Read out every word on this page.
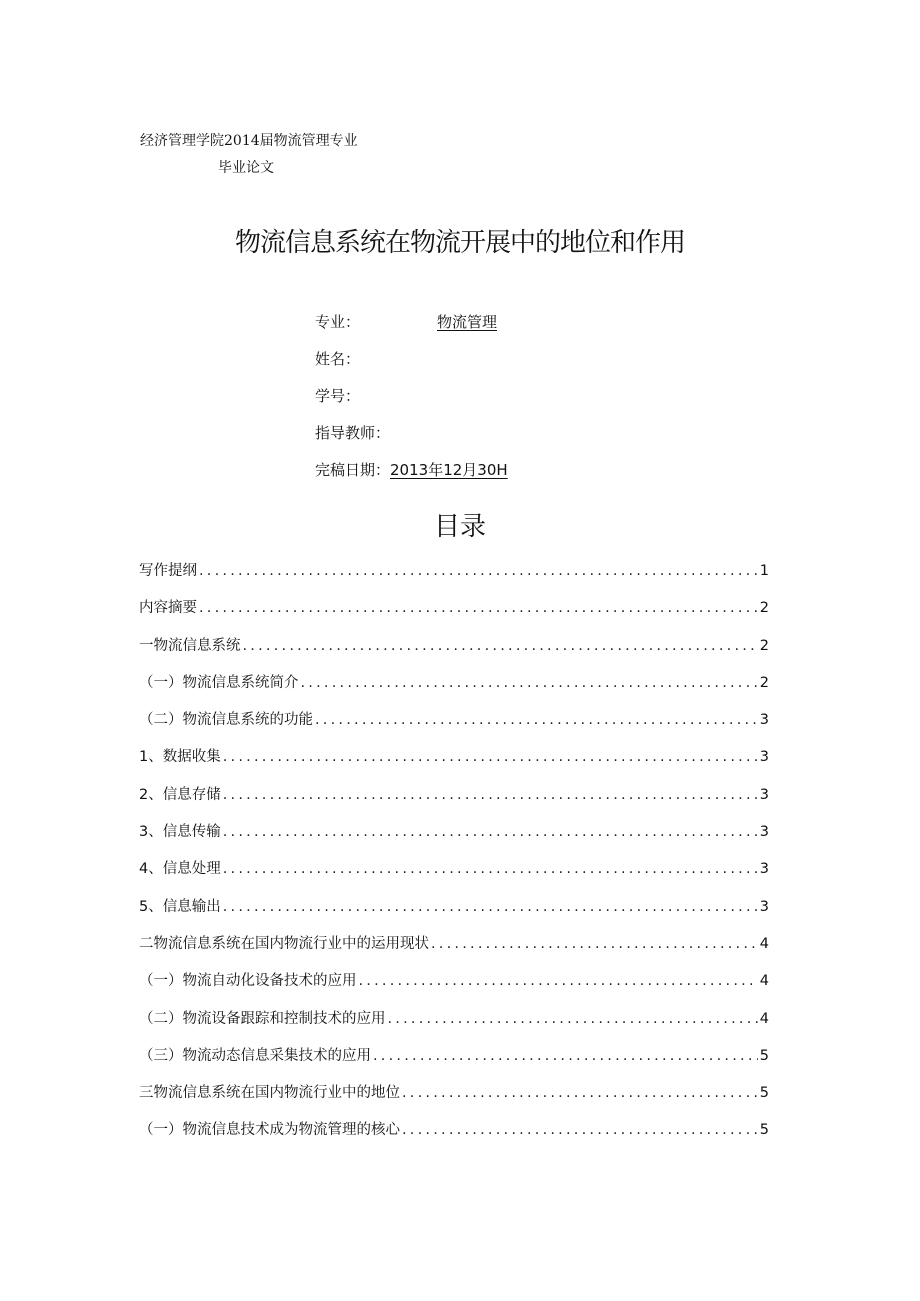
经济管理学院2014届物流管理专业
毕业论文
物流信息系统在物流开展中的地位和作用
专业：	物流管理
姓名：
学号：
指导教师：
完稿日期：2013年12月30H
目录
写作提纲 .....	1
内容摘要 .....	2
一物流信息系统 .....	2
（一）物流信息系统简介 .....	2
（二）物流信息系统的功能 .....	3
1、数据收集 .....	3
2、信息存储 .....	3
3、信息传输 .....	3
4、信息处理 .....	3
5、信息输出 .....	3
二物流信息系统在国内物流行业中的运用现状 .....	4
（一）物流自动化设备技术的应用 .....	4
（二）物流设备跟踪和控制技术的应用 .....	4
（三）物流动态信息采集技术的应用 .....	5
三物流信息系统在国内物流行业中的地位 .....	5
（一）物流信息技术成为物流管理的核心 .....	5
